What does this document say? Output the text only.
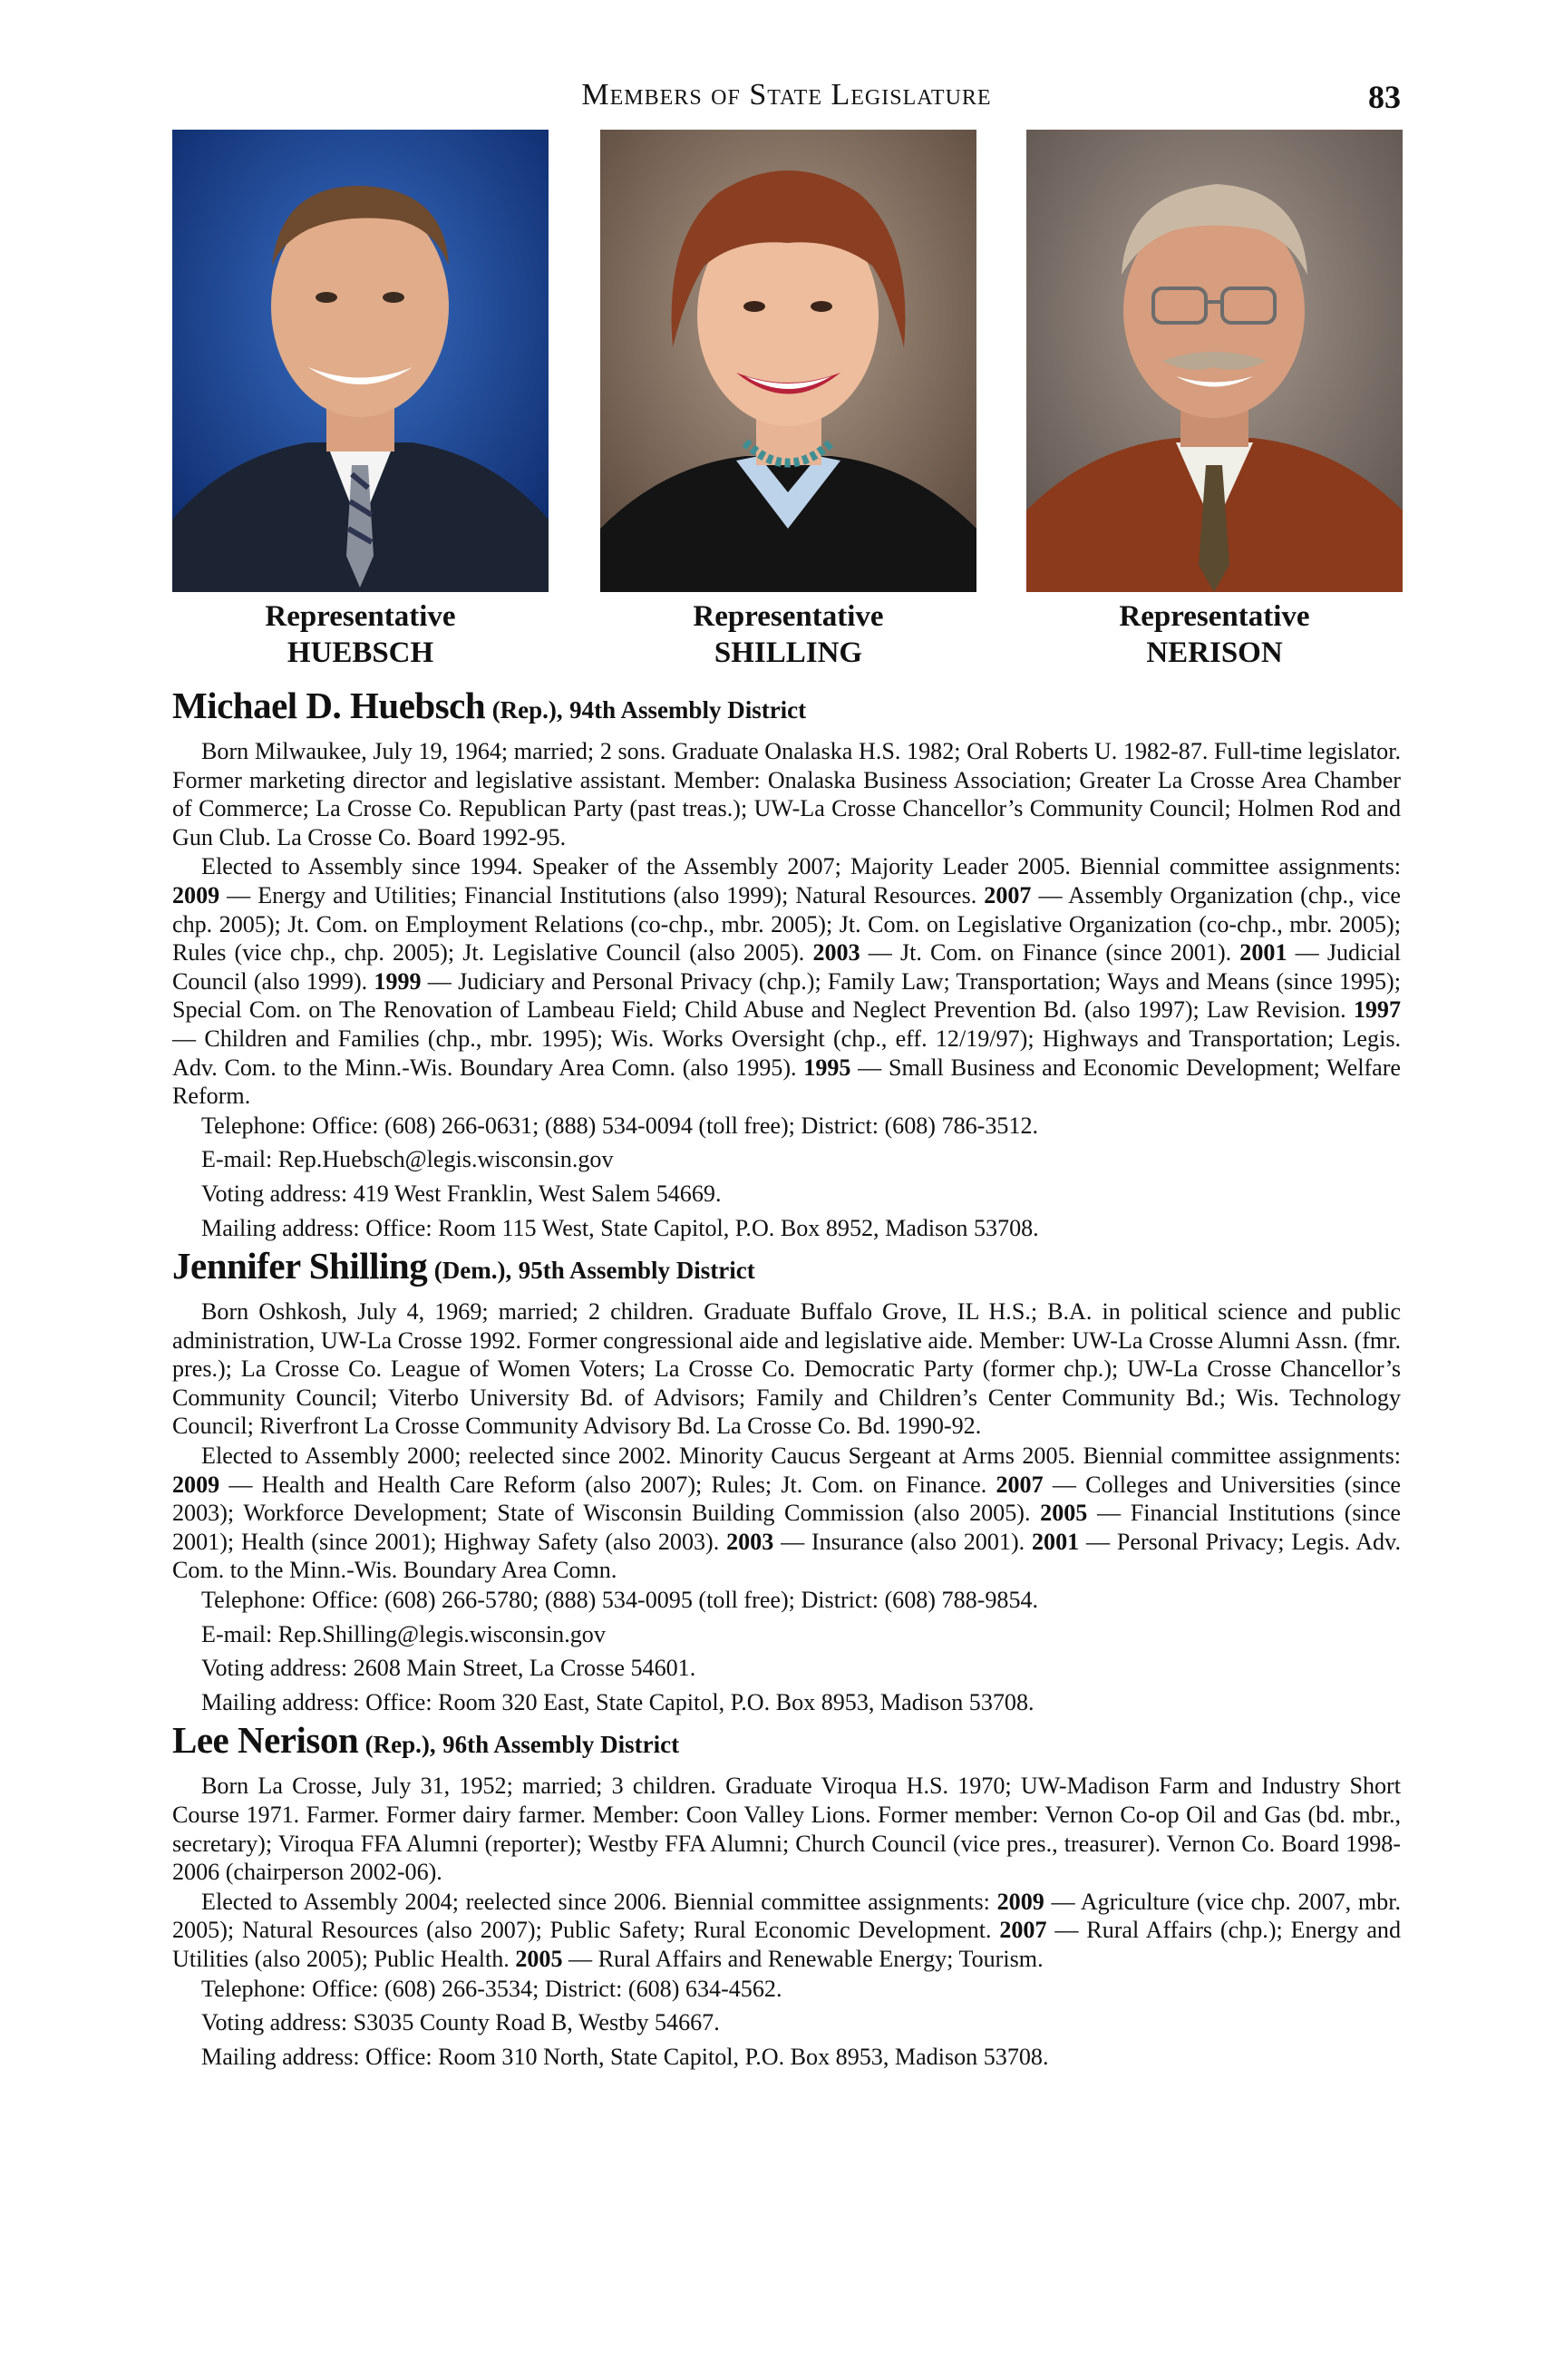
Members of State Legislature	83
Representative
HUEBSCH
Representative
SHILLING
Representative
NERISON
Michael D. Huebsch (Rep.), 94th Assembly District

Born Milwaukee, July 19, 1964; married; 2 sons. Graduate Onalaska H.S. 1982; Oral Roberts U. 1982-87. Full-time legislator. Former marketing director and legislative assistant. Member: Onalaska Business Association; Greater La Crosse Area Chamber of Commerce; La Crosse Co. Republican Party (past treas.); UW-La Crosse Chancellor’s Community Council; Holmen Rod and Gun Club. La Crosse Co. Board 1992-95.

Elected to Assembly since 1994. Speaker of the Assembly 2007; Majority Leader 2005. Biennial committee assignments: 2009 — Energy and Utilities; Financial Institutions (also 1999); Natural Resources. 2007 — Assembly Organization (chp., vice chp. 2005); Jt. Com. on Employment Relations (co-chp., mbr. 2005); Jt. Com. on Legislative Organization (co-chp., mbr. 2005); Rules (vice chp., chp. 2005); Jt. Legislative Council (also 2005). 2003 — Jt. Com. on Finance (since 2001). 2001 — Judicial Council (also 1999). 1999 — Judiciary and Personal Privacy (chp.); Family Law; Transportation; Ways and Means (since 1995); Special Com. on The Renovation of Lambeau Field; Child Abuse and Neglect Prevention Bd. (also 1997); Law Revision. 1997 — Children and Families (chp., mbr. 1995); Wis. Works Oversight (chp., eff. 12/19/97); Highways and Transportation; Legis. Adv. Com. to the Minn.-Wis. Boundary Area Comn. (also 1995). 1995 — Small Business and Economic Development; Welfare Reform.

Telephone: Office: (608) 266-0631; (888) 534-0094 (toll free); District: (608) 786-3512.

E-mail: Rep.Huebsch@legis.wisconsin.gov

Voting address: 419 West Franklin, West Salem 54669.

Mailing address: Office: Room 115 West, State Capitol, P.O. Box 8952, Madison 53708.

Jennifer Shilling (Dem.), 95th Assembly District

Born Oshkosh, July 4, 1969; married; 2 children. Graduate Buffalo Grove, IL H.S.; B.A. in political science and public administration, UW-La Crosse 1992. Former congressional aide and legislative aide. Member: UW-La Crosse Alumni Assn. (fmr. pres.); La Crosse Co. League of Women Voters; La Crosse Co. Democratic Party (former chp.); UW-La Crosse Chancellor’s Community Council; Viterbo University Bd. of Advisors; Family and Children’s Center Community Bd.; Wis. Technology Council; Riverfront La Crosse Community Advisory Bd. La Crosse Co. Bd. 1990-92.

Elected to Assembly 2000; reelected since 2002. Minority Caucus Sergeant at Arms 2005. Biennial committee assignments: 2009 — Health and Health Care Reform (also 2007); Rules; Jt. Com. on Finance. 2007 — Colleges and Universities (since 2003); Workforce Development; State of Wisconsin Building Commission (also 2005). 2005 — Financial Institutions (since 2001); Health (since 2001); Highway Safety (also 2003). 2003 — Insurance (also 2001). 2001 — Personal Privacy; Legis. Adv. Com. to the Minn.-Wis. Boundary Area Comn.

Telephone: Office: (608) 266-5780; (888) 534-0095 (toll free); District: (608) 788-9854.

E-mail: Rep.Shilling@legis.wisconsin.gov

Voting address: 2608 Main Street, La Crosse 54601.

Mailing address: Office: Room 320 East, State Capitol, P.O. Box 8953, Madison 53708.

Lee Nerison (Rep.), 96th Assembly District

Born La Crosse, July 31, 1952; married; 3 children. Graduate Viroqua H.S. 1970; UW-Madison Farm and Industry Short Course 1971. Farmer. Former dairy farmer. Member: Coon Valley Lions. Former member: Vernon Co-op Oil and Gas (bd. mbr., secretary); Viroqua FFA Alumni (reporter); Westby FFA Alumni; Church Council (vice pres., treasurer). Vernon Co. Board 1998-2006 (chairperson 2002-06).

Elected to Assembly 2004; reelected since 2006. Biennial committee assignments: 2009 — Agriculture (vice chp. 2007, mbr. 2005); Natural Resources (also 2007); Public Safety; Rural Economic Development. 2007 — Rural Affairs (chp.); Energy and Utilities (also 2005); Public Health. 2005 — Rural Affairs and Renewable Energy; Tourism.

Telephone: Office: (608) 266-3534; District: (608) 634-4562.

Voting address: S3035 County Road B, Westby 54667.

Mailing address: Office: Room 310 North, State Capitol, P.O. Box 8953, Madison 53708.
